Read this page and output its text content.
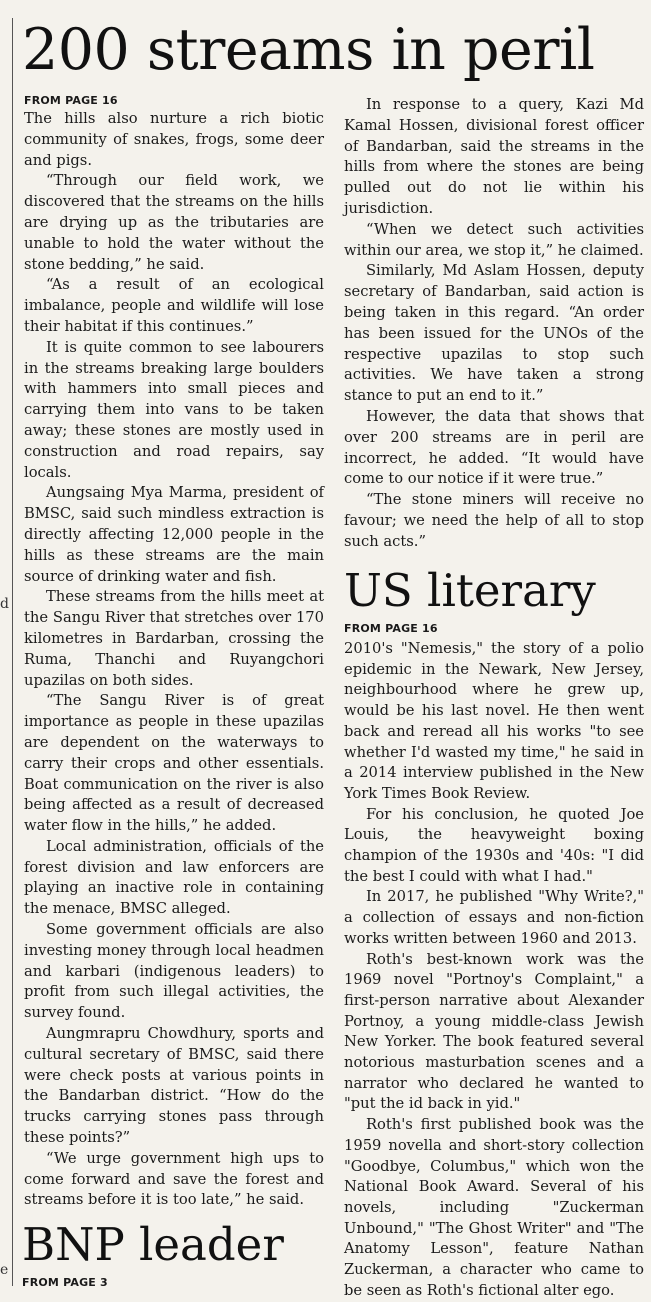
d
e
200 streams in peril
FROM PAGE 16

The hills also nurture a rich biotic community of snakes, frogs, some deer and pigs.

“Through our field work, we discovered that the streams on the hills are drying up as the tributaries are unable to hold the water without the stone bedding,” he said.

“As a result of an ecological imbalance, people and wildlife will lose their habitat if this continues.”

It is quite common to see labourers in the streams breaking large boulders with hammers into small pieces and carrying them into vans to be taken away; these stones are mostly used in construction and road repairs, say locals.

Aungsaing Mya Marma, president of BMSC, said such mindless extraction is directly affecting 12,000 people in the hills as these streams are the main source of drinking water and fish.

These streams from the hills meet at the Sangu River that stretches over 170 kilometres in Bardarban, crossing the Ruma, Thanchi and Ruyangchori upazilas on both sides.

“The Sangu River is of great importance as people in these upazilas are dependent on the waterways to carry their crops and other essentials. Boat communication on the river is also being affected as a result of decreased water flow in the hills,” he added.

Local administration, officials of the forest division and law enforcers are playing an inactive role in containing the menace, BMSC alleged.

Some government officials are also investing money through local headmen and karbari (indigenous leaders) to profit from such illegal activities, the survey found.

Aungmrapru Chowdhury, sports and cultural secretary of BMSC, said there were check posts at various points in the Bandarban district. “How do the trucks carrying stones pass through these points?”

“We urge government high ups to come forward and save the forest and streams before it is too late,” he said.

In response to a query, Kazi Md Kamal Hossen, divisional forest officer of Bandarban, said the streams in the hills from where the stones are being pulled out do not lie within his jurisdiction.

“When we detect such activities within our area, we stop it,” he claimed.

Similarly, Md Aslam Hossen, deputy secretary of Bandarban, said action is being taken in this regard. “An order has been issued for the UNOs of the respective upazilas to stop such activities. We have taken a strong stance to put an end to it.”

However, the data that shows that over 200 streams are in peril are incorrect, he added. “It would have come to our notice if it were true.”

“The stone miners will receive no favour; we need the help of all to stop such acts.”

US literary
FROM PAGE 16

2010's "Nemesis," the story of a polio epidemic in the Newark, New Jersey, neighbourhood where he grew up, would be his last novel. He then went back and reread all his works "to see whether I'd wasted my time," he said in a 2014 interview published in the New York Times Book Review.

For his conclusion, he quoted Joe Louis, the heavyweight boxing champion of the 1930s and '40s: "I did the best I could with what I had."

In 2017, he published "Why Write?," a collection of essays and non-fiction works written between 1960 and 2013.

Roth's best-known work was the 1969 novel "Portnoy's Complaint," a first-person narrative about Alexander Portnoy, a young middle-class Jewish New Yorker. The book featured several notorious masturbation scenes and a narrator who declared he wanted to "put the id back in yid."

Roth's first published book was the 1959 novella and short-story collection "Goodbye, Columbus," which won the National Book Award. Several of his novels, including "Zuckerman Unbound," "The Ghost Writer" and "The Anatomy Lesson", feature Nathan Zuckerman, a character who came to be seen as Roth's fictional alter ego.

BNP leader
FROM PAGE 3
